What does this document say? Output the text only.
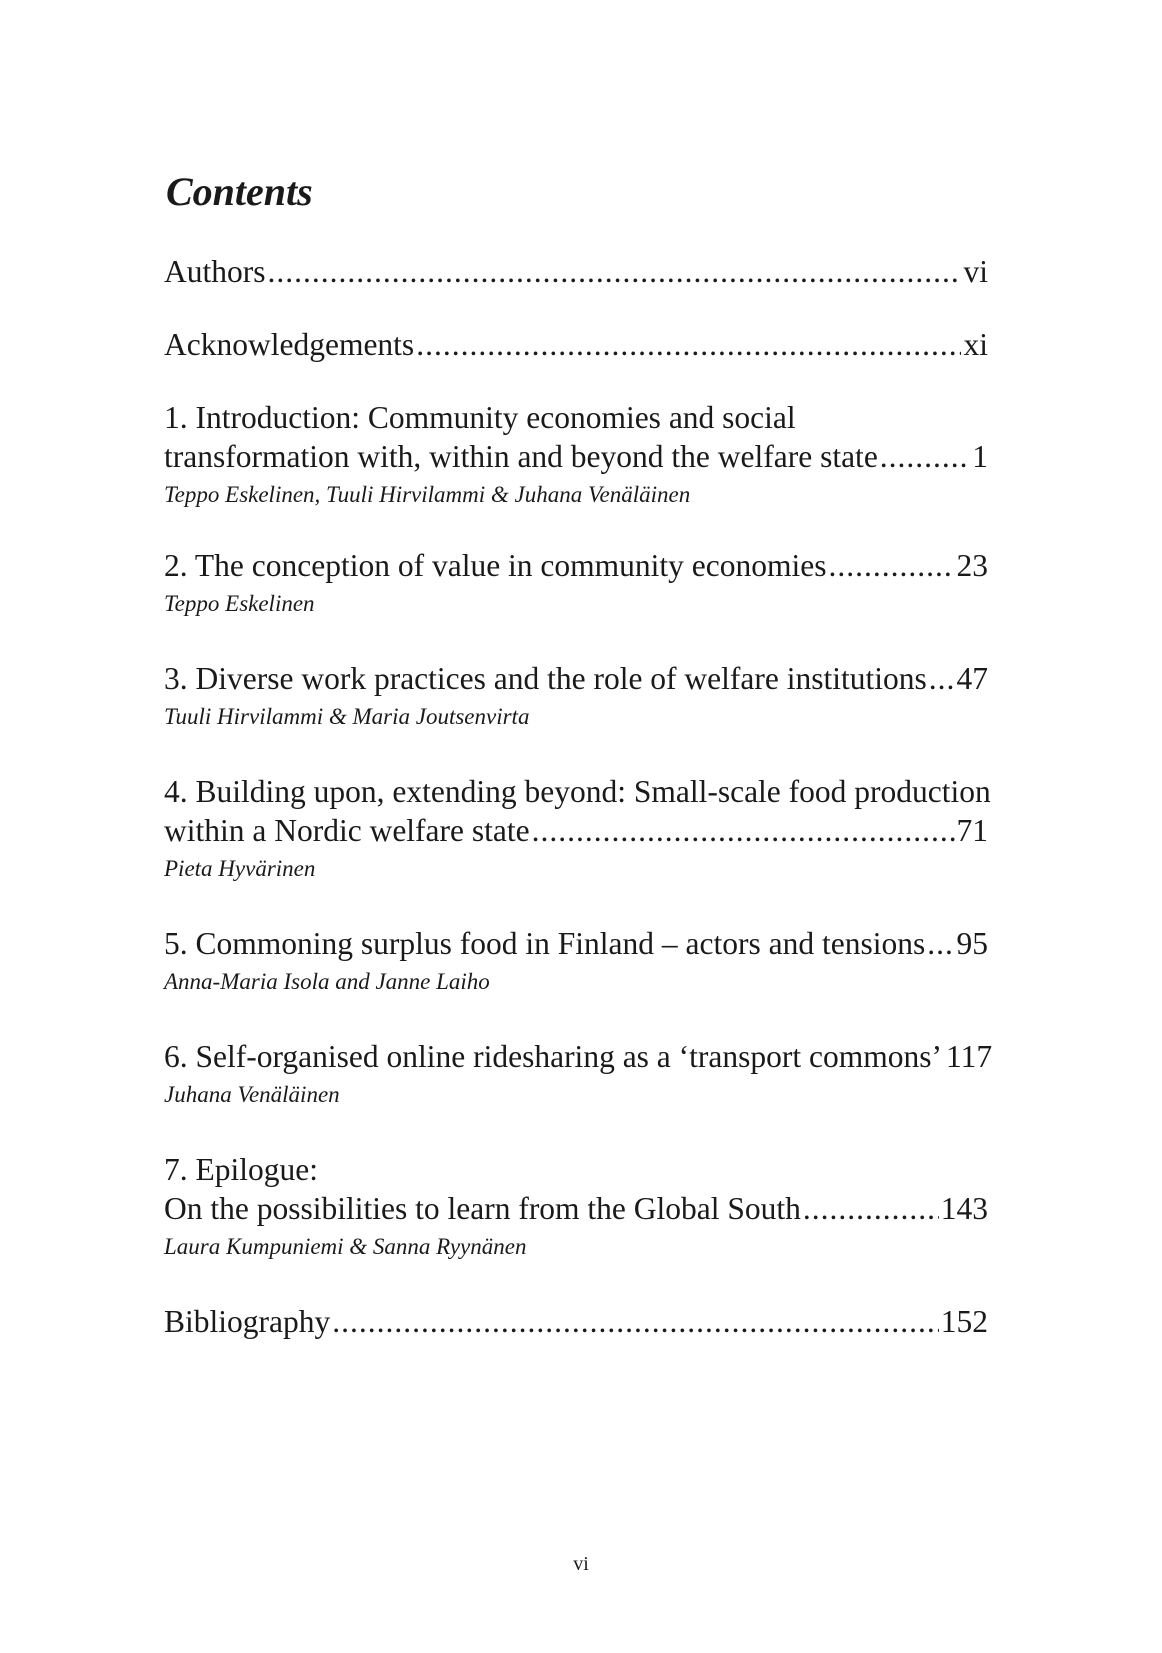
Contents
Authors .....	vi
Acknowledgements .....	xi
1. Introduction: Community economies and social
transformation with, within and beyond the welfare state .....	1
Teppo Eskelinen, Tuuli Hirvilammi & Juhana Venäläinen
2. The conception of value in community economies .....	23
Teppo Eskelinen
3. Diverse work practices and the role of welfare institutions ..... 47
Tuuli Hirvilammi & Maria Joutsenvirta
4. Building upon, extending beyond: Small-scale food production
within a Nordic welfare state .....	71
Pieta Hyvärinen
5. Commoning surplus food in Finland – actors and tensions ..... 95
Anna-Maria Isola and Janne Laiho
6. Self-organised online ridesharing as a ‘transport commons’ 117
Juhana Venäläinen
7. Epilogue:
On the possibilities to learn from the Global South .....	143
Laura Kumpuniemi & Sanna Ryynänen
Bibliography .....	152
vi
